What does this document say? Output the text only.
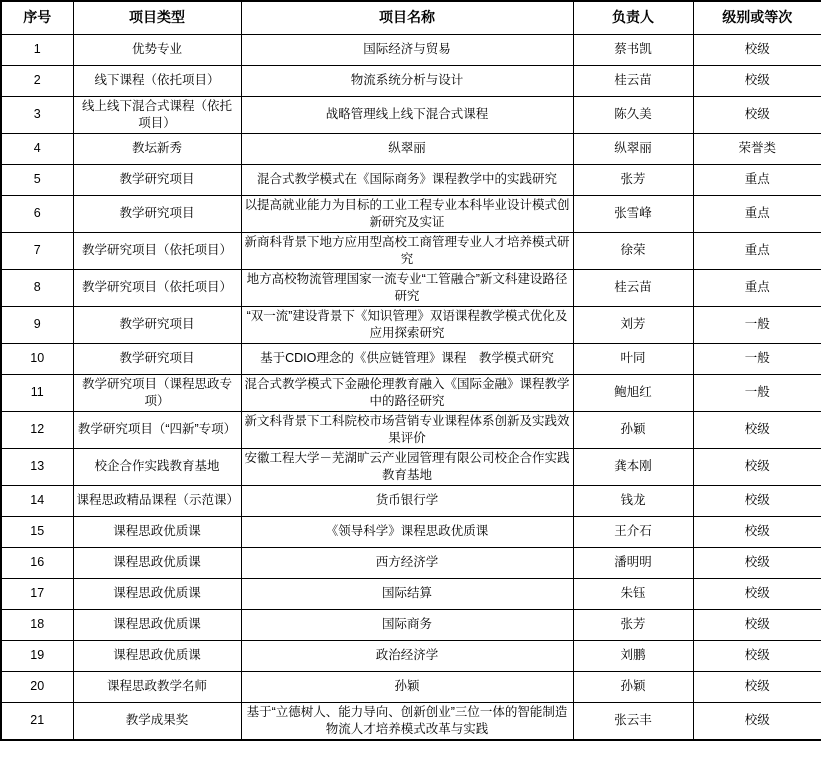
序号	项目类型	项目名称	负责人	级别或等次
1	优势专业	国际经济与贸易	蔡书凯	校级
2	线下课程（依托项目）	物流系统分析与设计	桂云苗	校级
3	线上线下混合式课程（依托项目）	战略管理线上线下混合式课程	陈久美	校级
4	教坛新秀	纵翠丽	纵翠丽	荣誉类
5	教学研究项目	混合式教学模式在《国际商务》课程教学中的实践研究	张芳	重点
6	教学研究项目	以提高就业能力为目标的工业工程专业本科毕业设计模式创新研究及实证	张雪峰	重点
7	教学研究项目（依托项目）	新商科背景下地方应用型高校工商管理专业人才培养模式研究	徐荣	重点
8	教学研究项目（依托项目）	地方高校物流管理国家一流专业“工管融合”新文科建设路径研究	桂云苗	重点
9	教学研究项目	“双一流”建设背景下《知识管理》双语课程教学模式优化及应用探索研究	刘芳	一般
10	教学研究项目	基于CDIO理念的《供应链管理》课程　教学模式研究	叶同	一般
11	教学研究项目（课程思政专项）	混合式教学模式下金融伦理教育融入《国际金融》课程教学中的路径研究	鲍旭红	一般
12	教学研究项目（“四新”专项）	新文科背景下工科院校市场营销专业课程体系创新及实践效果评价	孙颖	校级
13	校企合作实践教育基地	安徽工程大学－芜湖旷云产业园管理有限公司校企合作实践教育基地	龚本刚	校级
14	课程思政精品课程（示范课）	货币银行学	钱龙	校级
15	课程思政优质课	《领导科学》课程思政优质课	王介石	校级
16	课程思政优质课	西方经济学	潘明明	校级
17	课程思政优质课	国际结算	朱钰	校级
18	课程思政优质课	国际商务	张芳	校级
19	课程思政优质课	政治经济学	刘鹏	校级
20	课程思政教学名师	孙颖	孙颖	校级
21	教学成果奖	基于“立德树人、能力导向、创新创业”三位一体的智能制造物流人才培养模式改革与实践	张云丰	校级
